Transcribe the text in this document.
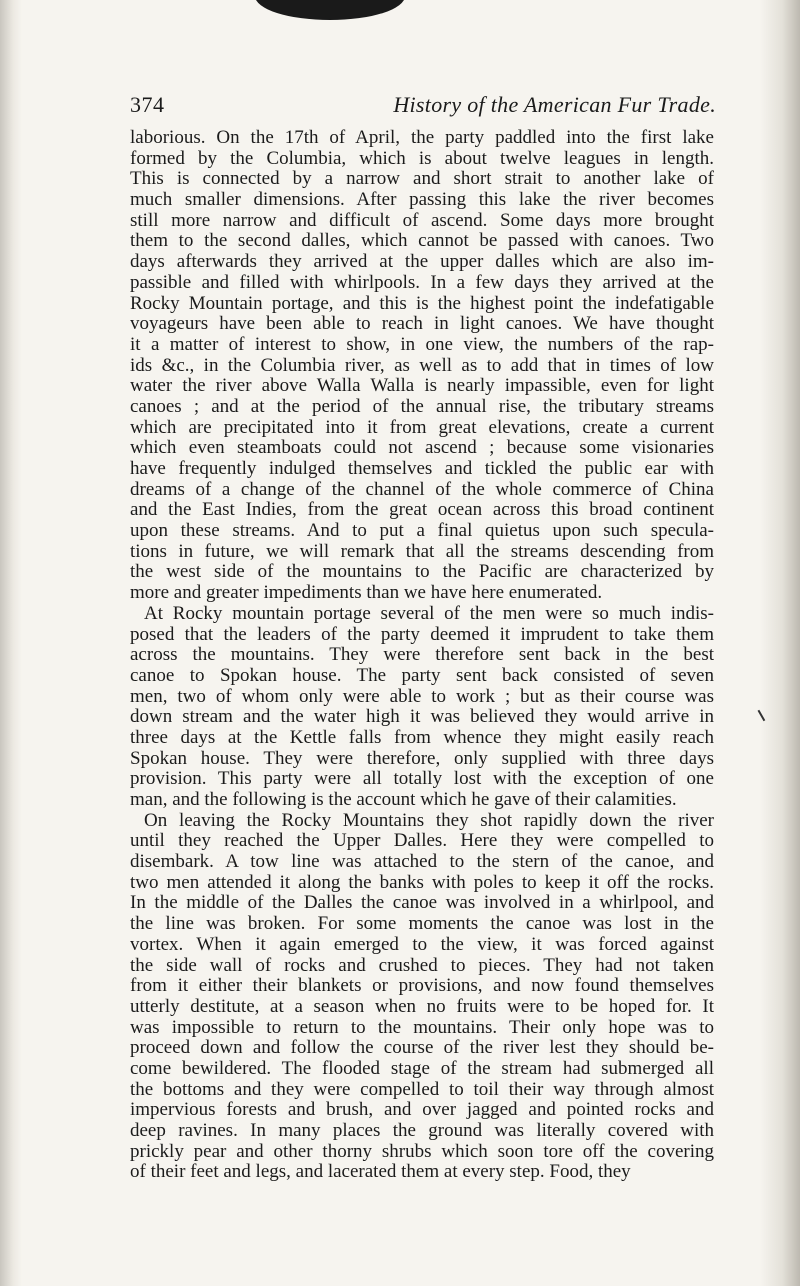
374	History of the American Fur Trade.
laborious. On the 17th of April, the party paddled into the first lake
formed by the Columbia, which is about twelve leagues in length.
This is connected by a narrow and short strait to another lake of
much smaller dimensions. After passing this lake the river becomes
still more narrow and difficult of ascend. Some days more brought
them to the second dalles, which cannot be passed with canoes. Two
days afterwards they arrived at the upper dalles which are also im-
passible and filled with whirlpools. In a few days they arrived at the
Rocky Mountain portage, and this is the highest point the indefatigable
voyageurs have been able to reach in light canoes. We have thought
it a matter of interest to show, in one view, the numbers of the rap-
ids &c., in the Columbia river, as well as to add that in times of low
water the river above Walla Walla is nearly impassible, even for light
canoes ; and at the period of the annual rise, the tributary streams
which are precipitated into it from great elevations, create a current
which even steamboats could not ascend ; because some visionaries
have frequently indulged themselves and tickled the public ear with
dreams of a change of the channel of the whole commerce of China
and the East Indies, from the great ocean across this broad continent
upon these streams. And to put a final quietus upon such specula-
tions in future, we will remark that all the streams descending from
the west side of the mountains to the Pacific are characterized by
more and greater impediments than we have here enumerated.
At Rocky mountain portage several of the men were so much indis-
posed that the leaders of the party deemed it imprudent to take them
across the mountains. They were therefore sent back in the best
canoe to Spokan house. The party sent back consisted of seven
men, two of whom only were able to work ; but as their course was
down stream and the water high it was believed they would arrive in
three days at the Kettle falls from whence they might easily reach
Spokan house. They were therefore, only supplied with three days
provision. This party were all totally lost with the exception of one
man, and the following is the account which he gave of their calamities.
On leaving the Rocky Mountains they shot rapidly down the river
until they reached the Upper Dalles. Here they were compelled to
disembark. A tow line was attached to the stern of the canoe, and
two men attended it along the banks with poles to keep it off the rocks.
In the middle of the Dalles the canoe was involved in a whirlpool, and
the line was broken. For some moments the canoe was lost in the
vortex. When it again emerged to the view, it was forced against
the side wall of rocks and crushed to pieces. They had not taken
from it either their blankets or provisions, and now found themselves
utterly destitute, at a season when no fruits were to be hoped for. It
was impossible to return to the mountains. Their only hope was to
proceed down and follow the course of the river lest they should be-
come bewildered. The flooded stage of the stream had submerged all
the bottoms and they were compelled to toil their way through almost
impervious forests and brush, and over jagged and pointed rocks and
deep ravines. In many places the ground was literally covered with
prickly pear and other thorny shrubs which soon tore off the covering
of their feet and legs, and lacerated them at every step. Food, they
